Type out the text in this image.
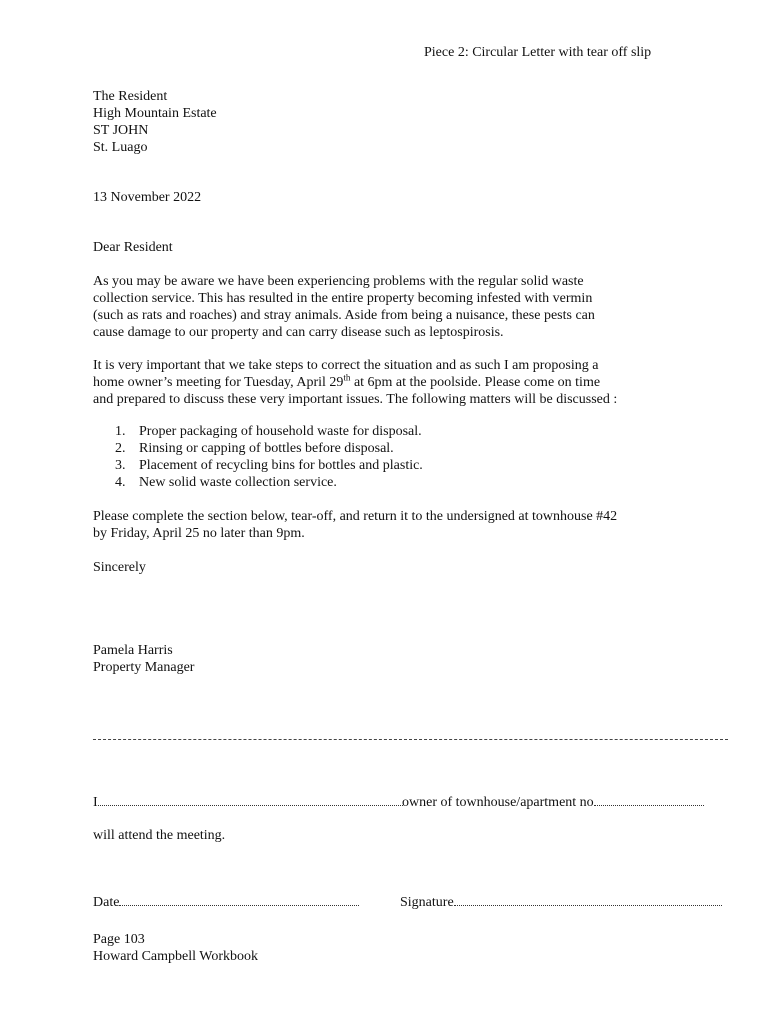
Piece 2: Circular Letter with tear off slip
The Resident
High Mountain Estate
ST JOHN
St. Luago
13 November 2022
Dear Resident
As you may be aware we have been experiencing problems with the regular solid waste
collection service. This has resulted in the entire property becoming infested with vermin
(such as rats and roaches) and stray animals. Aside from being a nuisance, these pests can
cause damage to our property and can carry disease such as leptospirosis.
It is very important that we take steps to correct the situation and as such I am proposing a
home owner’s meeting for Tuesday, April 29th at 6pm at the poolside. Please come on time
and prepared to discuss these very important issues. The following matters will be discussed :
1. Proper packaging of household waste for disposal.
2. Rinsing or capping of bottles before disposal.
3. Placement of recycling bins for bottles and plastic.
4. New solid waste collection service.
Please complete the section below, tear-off, and return it to the undersigned at townhouse #42
by Friday, April 25 no later than 9pm.
Sincerely
Pamela Harris
Property Manager
I	owner of townhouse/apartment no
will attend the meeting.
Date	Signature
Page 103
Howard Campbell Workbook
